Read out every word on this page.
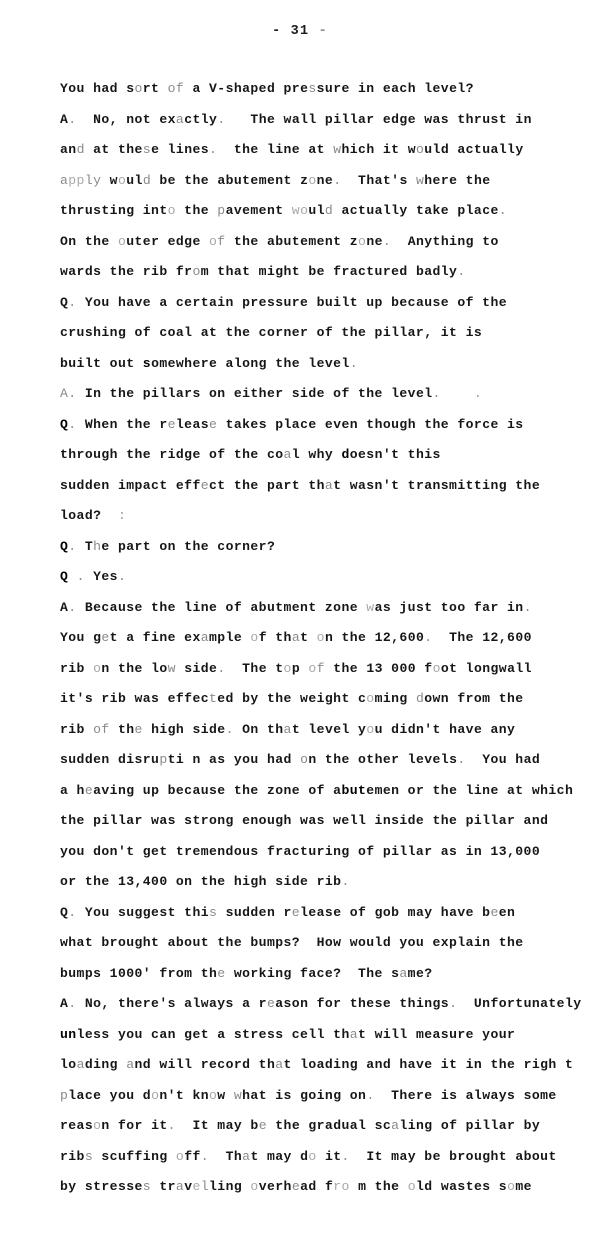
- 31 -
You had sort of a V-shaped pressure in each level?
A.  No, not exactly.   The wall pillar edge was thrust in
and at these lines.  the line at which it would actually
apply would be the abutement zone.  That's where the
thrusting into the pavement would actually take place.
On the outer edge of the abutement zone.  Anything to
wards the rib from that might be fractured badly.
Q. You have a certain pressure built up because of the
crushing of coal at the corner of the pillar, it is
built out somewhere along the level.
A. In the pillars on either side of the level.	.
Q. When the release takes place even though the force is
through the ridge of the coal why doesn't this
sudden impact effect the part that wasn't transmitting the
load?  :
Q. The part on the corner?
Q . Yes.
A. Because the line of abutment zone was just too far in.
You get a fine example of that on the 12,600.  The 12,600
rib on the low side.  The top of the 13 000 foot longwall
it's rib was effected by the weight coming down from the
rib of the high side. On that level you didn't have any
sudden disrupti n as you had on the other levels.  You had
a heaving up because the zone of abutemen or the line at which
the pillar was strong enough was well inside the pillar and
you don't get tremendous fracturing of pillar as in 13,000
or the 13,400 on the high side rib.
Q. You suggest this sudden release of gob may have been
what brought about the bumps?  How would you explain the
bumps 1000' from the working face?  The same?
A. No, there's always a reason for these things.  Unfortunately
unless you can get a stress cell that will measure your
loading and will record that loading and have it in the righ t
place you don't know what is going on.  There is always some
reason for it.  It may be the gradual scaling of pillar by
ribs scuffing off.  That may do it.  It may be brought about
by stresses travelling overhead fro m the old wastes some
